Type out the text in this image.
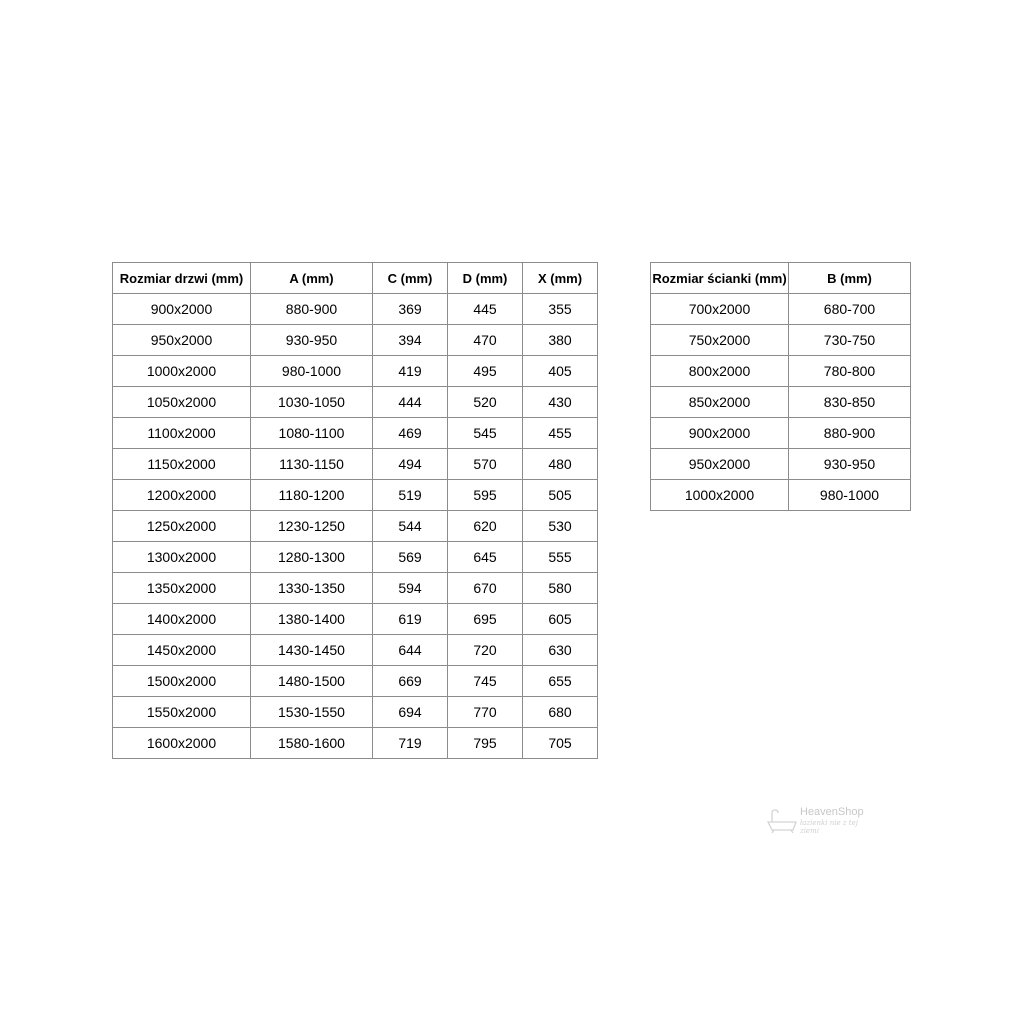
Rozmiar drzwi (mm)	A (mm)	C (mm)	D (mm)	X (mm)
900x2000	880-900	369	445	355
950x2000	930-950	394	470	380
1000x2000	980-1000	419	495	405
1050x2000	1030-1050	444	520	430
1100x2000	1080-1100	469	545	455
1150x2000	1130-1150	494	570	480
1200x2000	1180-1200	519	595	505
1250x2000	1230-1250	544	620	530
1300x2000	1280-1300	569	645	555
1350x2000	1330-1350	594	670	580
1400x2000	1380-1400	619	695	605
1450x2000	1430-1450	644	720	630
1500x2000	1480-1500	669	745	655
1550x2000	1530-1550	694	770	680
1600x2000	1580-1600	719	795	705
Rozmiar ścianki (mm)	B (mm)
700x2000	680-700
750x2000	730-750
800x2000	780-800
850x2000	830-850
900x2000	880-900
950x2000	930-950
1000x2000	980-1000
HeavenShop
łazienki nie z tej ziemi
